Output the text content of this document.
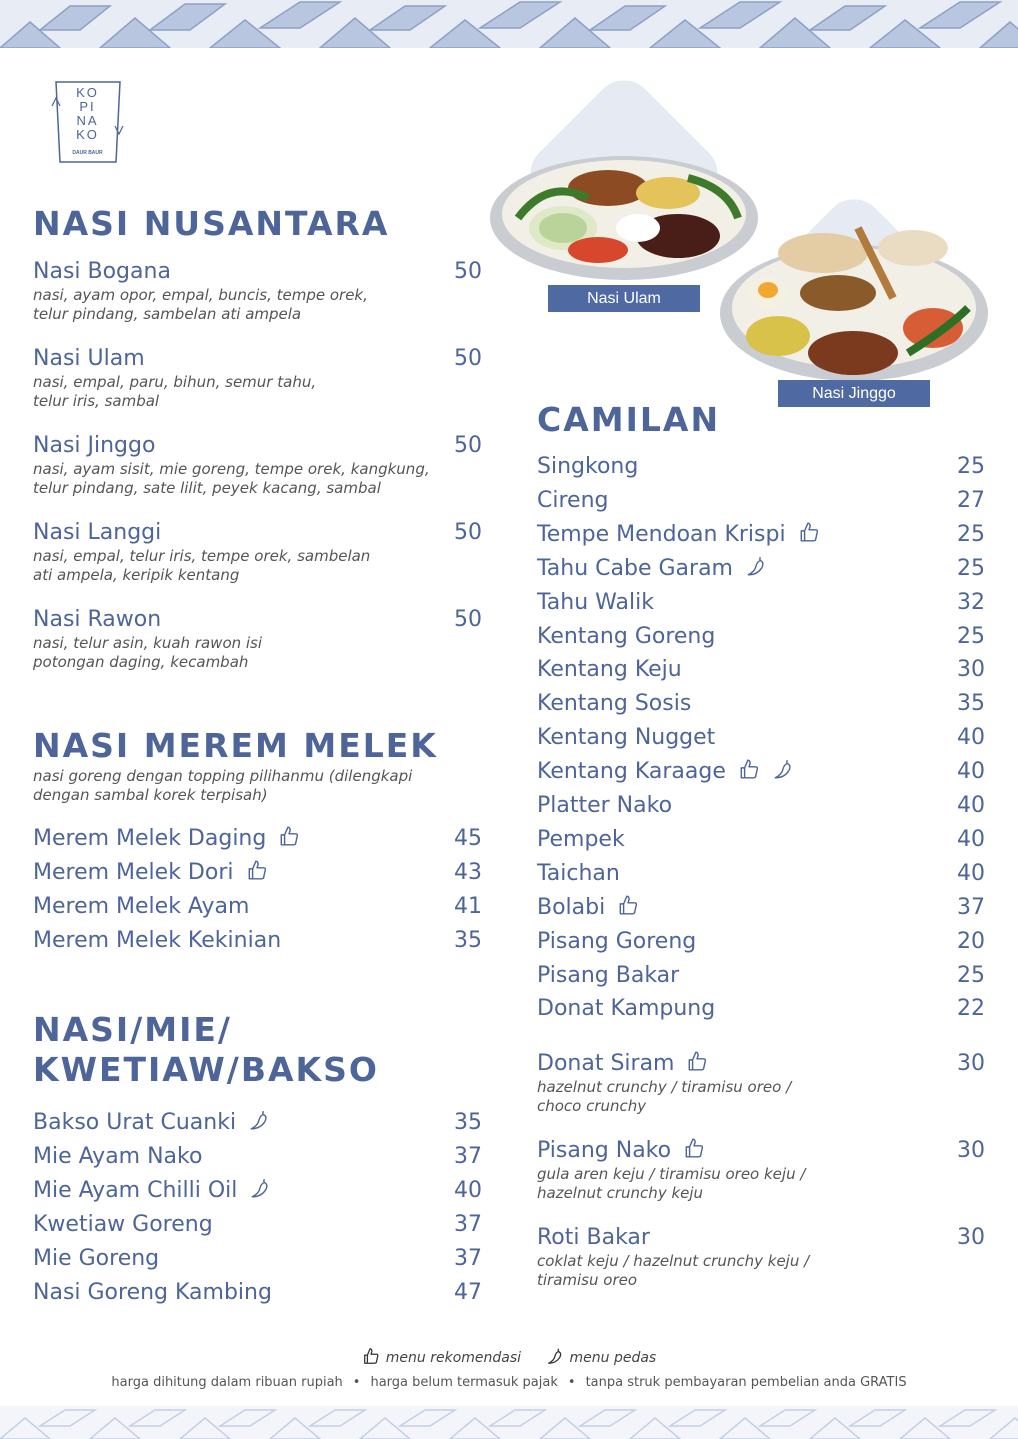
KO
PI
NA
KO
DAUR BAUR
NASI NUSANTARA
Nasi Bogana	50
nasi, ayam opor, empal, buncis, tempe orek,
telur pindang, sambelan ati ampela
Nasi Ulam	50
nasi, empal, paru, bihun, semur tahu,
telur iris, sambal
Nasi Jinggo	50
nasi, ayam sisit, mie goreng, tempe orek, kangkung,
telur pindang, sate lilit, peyek kacang, sambal
Nasi Langgi	50
nasi, empal, telur iris, tempe orek, sambelan
ati ampela, keripik kentang
Nasi Rawon	50
nasi, telur asin, kuah rawon isi
potongan daging, kecambah
NASI MEREM MELEK
nasi goreng dengan topping pilihanmu (dilengkapi
dengan sambal korek terpisah)
Merem Melek Daging	45
Merem Melek Dori	43
Merem Melek Ayam	41
Merem Melek Kekinian	35
NASI/MIE/
KWETIAW/BAKSO
Bakso Urat Cuanki	35
Mie Ayam Nako	37
Mie Ayam Chilli Oil	40
Kwetiaw Goreng	37
Mie Goreng	37
Nasi Goreng Kambing	47
Nasi Ulam
Nasi Jinggo
CAMILAN
Singkong	25
Cireng	27
Tempe Mendoan Krispi	25
Tahu Cabe Garam	25
Tahu Walik	32
Kentang Goreng	25
Kentang Keju	30
Kentang Sosis	35
Kentang Nugget	40
Kentang Karaage	40
Platter Nako	40
Pempek	40
Taichan	40
Bolabi	37
Pisang Goreng	20
Pisang Bakar	25
Donat Kampung	22
Donat Siram	30
hazelnut crunchy / tiramisu oreo /
choco crunchy
Pisang Nako	30
gula aren keju / tiramisu oreo keju /
hazelnut crunchy keju
Roti Bakar	30
coklat keju / hazelnut crunchy keju /
tiramisu oreo
menu rekomendasi
	menu pedas
harga dihitung dalam ribuan rupiah • harga belum termasuk pajak • tanpa struk pembayaran pembelian anda GRATIS
